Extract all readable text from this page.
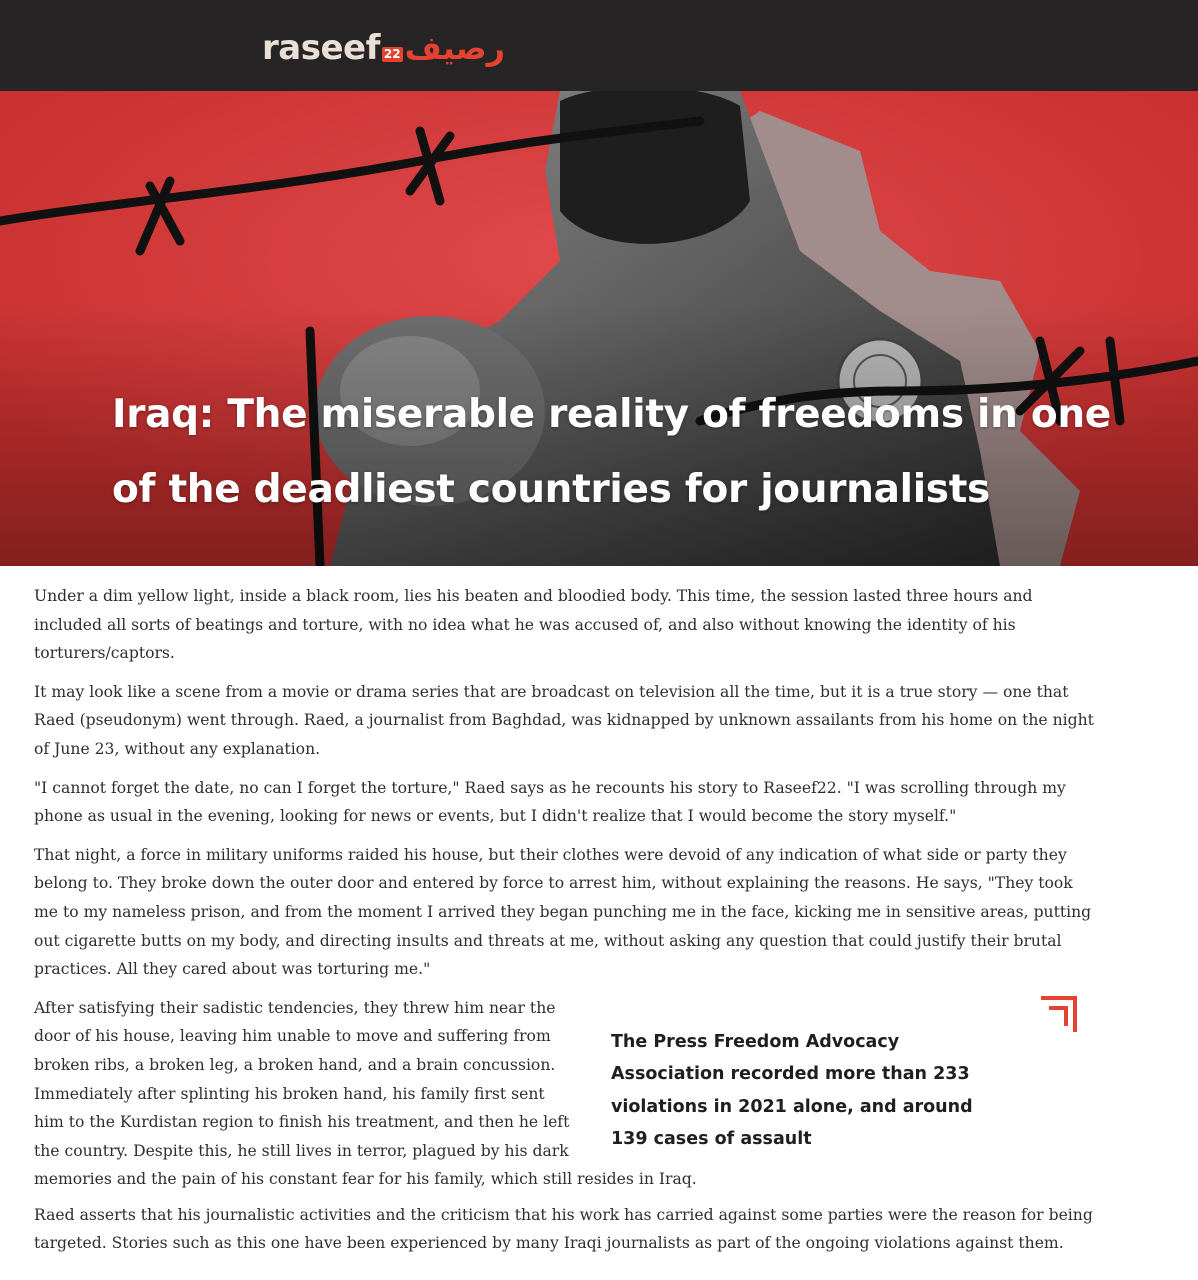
raseef 22 رصيف
Iraq: The miserable reality of freedoms in one of the deadliest countries for journalists

Under a dim yellow light, inside a black room, lies his beaten and bloodied body. This time, the session lasted three hours and included all sorts of beatings and torture, with no idea what he was accused of, and also without knowing the identity of his torturers/captors.

It may look like a scene from a movie or drama series that are broadcast on television all the time, but it is a true story — one that Raed (pseudonym) went through. Raed, a journalist from Baghdad, was kidnapped by unknown assailants from his home on the night of June 23, without any explanation.

"I cannot forget the date, no can I forget the torture," Raed says as he recounts his story to Raseef22. "I was scrolling through my phone as usual in the evening, looking for news or events, but I didn't realize that I would become the story myself."

That night, a force in military uniforms raided his house, but their clothes were devoid of any indication of what side or party they belong to. They broke down the outer door and entered by force to arrest him, without explaining the reasons. He says, "They took me to my nameless prison, and from the moment I arrived they began punching me in the face, kicking me in sensitive areas, putting out cigarette butts on my body, and directing insults and threats at me, without asking any question that could justify their brutal practices. All they cared about was torturing me."

After satisfying their sadistic tendencies, they threw him near the door of his house, leaving him unable to move and suffering from broken ribs, a broken leg, a broken hand, and a brain concussion. Immediately after splinting his broken hand, his family first sent him to the Kurdistan region to finish his treatment, and then he left the country. Despite this, he still lives in terror, plagued by his dark

memories and the pain of his constant fear for his family, which still resides in Iraq.

The Press Freedom Advocacy Association recorded more than 233 violations in 2021 alone, and around 139 cases of assault

Raed asserts that his journalistic activities and the criticism that his work has carried against some parties were the reason for being targeted. Stories such as this one have been experienced by many Iraqi journalists as part of the ongoing violations against them.
